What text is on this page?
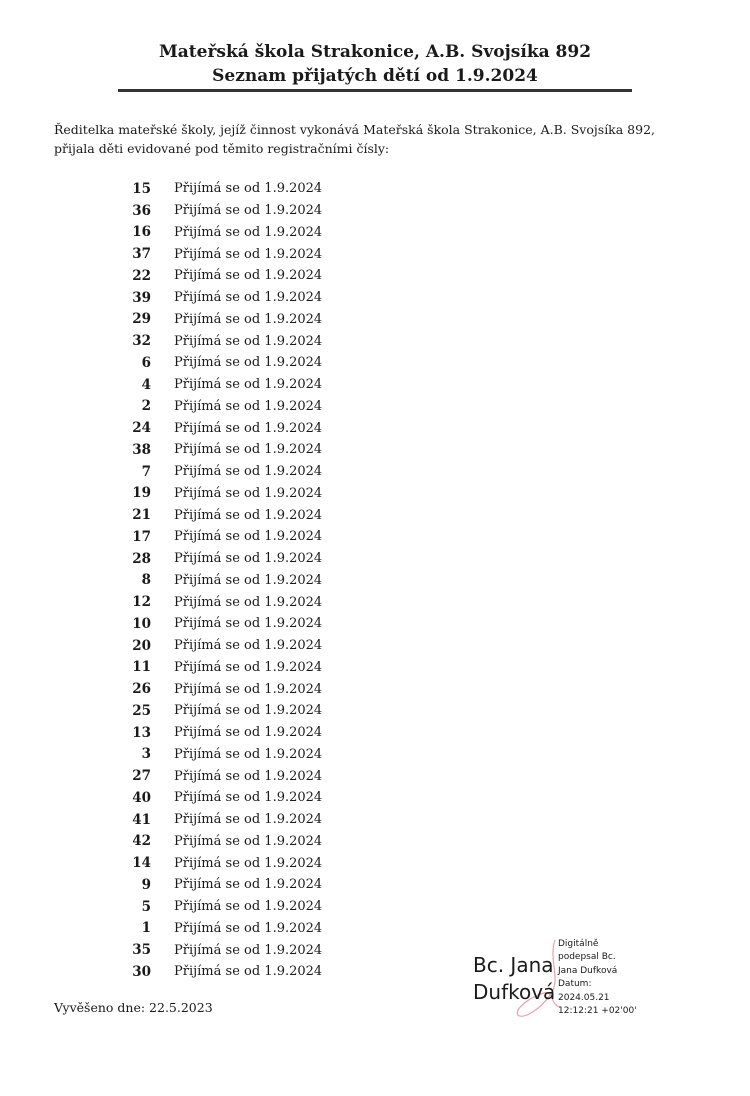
Mateřská škola Strakonice, A.B. Svojsíka 892

Seznam přijatých dětí od 1.9.2024

Ředitelka mateřské školy, jejíž činnost vykonává Mateřská škola Strakonice, A.B. Svojsíka 892,
přijala děti evidované pod těmito registračními čísly:
15 Přijímá se od 1.9.2024
36 Přijímá se od 1.9.2024
16 Přijímá se od 1.9.2024
37 Přijímá se od 1.9.2024
22 Přijímá se od 1.9.2024
39 Přijímá se od 1.9.2024
29 Přijímá se od 1.9.2024
32 Přijímá se od 1.9.2024
6 Přijímá se od 1.9.2024
4 Přijímá se od 1.9.2024
2 Přijímá se od 1.9.2024
24 Přijímá se od 1.9.2024
38 Přijímá se od 1.9.2024
7 Přijímá se od 1.9.2024
19 Přijímá se od 1.9.2024
21 Přijímá se od 1.9.2024
17 Přijímá se od 1.9.2024
28 Přijímá se od 1.9.2024
8 Přijímá se od 1.9.2024
12 Přijímá se od 1.9.2024
10 Přijímá se od 1.9.2024
20 Přijímá se od 1.9.2024
11 Přijímá se od 1.9.2024
26 Přijímá se od 1.9.2024
25 Přijímá se od 1.9.2024
13 Přijímá se od 1.9.2024
3 Přijímá se od 1.9.2024
27 Přijímá se od 1.9.2024
40 Přijímá se od 1.9.2024
41 Přijímá se od 1.9.2024
42 Přijímá se od 1.9.2024
14 Přijímá se od 1.9.2024
9 Přijímá se od 1.9.2024
5 Přijímá se od 1.9.2024
1 Přijímá se od 1.9.2024
35 Přijímá se od 1.9.2024
30 Přijímá se od 1.9.2024
Vyvěšeno dne: 22.5.2023
Bc. Jana
Dufková
Digitálně
podepsal Bc.
Jana Dufková
Datum:
2024.05.21
12:12:21 +02'00'
